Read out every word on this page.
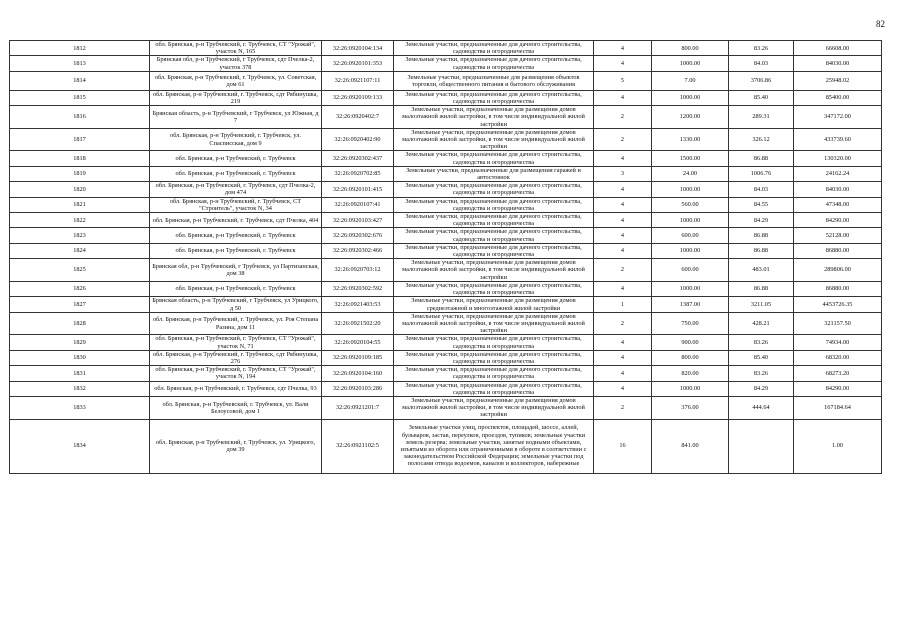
82
1812	обл. Брянская, р-н Трубчевский, г. Трубчевск, СТ "Урожай", участок N, 165	32:26:0920104:134	Земельные участки, предназначенные для дачного строительства, садоводства и огородничества	4	800.00	83.26	66608.00
1813	Брянская обл, р-н Трубчевский, г Трубчевск, сдт Пчелка-2, участок 378	32:26:0920101:353	Земельные участки, предназначенные для дачного строительства, садоводства и огородничества	4	1000.00	84.03	84030.00
1814	обл. Брянская, р-н Трубчевский, г. Трубчевск, ул. Советская, дом 61	32:26:0921107:11	Земельные участки, предназначенные для размещения объектов торговли, общественного питания и бытового обслуживания	5	7.00	3706.86	25948.02
1815	обл. Брянская, р-н Трубчевский, г. Трубчевск, сдт Рябинушка, 219	32:26:0920109:133	Земельные участки, предназначенные для дачного строительства, садоводства и огородничества	4	1000.00	85.40	85400.00
1816	Брянская область, р-н Трубчевский, г Трубчевск, ул Южная, д 7	32:26:0920402:7	Земельные участки, предназначенные для размещения домов малоэтажной жилой застройки, в том числе индивидуальной жилой застройки	2	1200.00	289.31	347172.00
1817	обл. Брянская, р-н Трубчевский, г. Трубчевск, ул. Спасписская, дом 9	32:26:0920402:90	Земельные участки, предназначенные для размещения домов малоэтажной жилой застройки, в том числе индивидуальной жилой застройки	2	1330.00	326.12	433739.60
1818	обл. Брянская, р-н Трубчевский, г. Трубчевск	32:26:0920302:437	Земельные участки, предназначенные для дачного строительства, садоводства и огородничества	4	1500.00	86.88	130320.00
1819	обл. Брянская, р-н Трубчевский, г. Трубчевск	32:26:0920702:85	Земельные участки, предназначенные для размещения гаражей и автостоянок	3	24.00	1006.76	24162.24
1820	обл. Брянская, р-н Трубчевский, г. Трубчевск, сдт Пчелка-2, дом 474	32:26:0920101:415	Земельные участки, предназначенные для дачного строительства, садоводства и огородничества	4	1000.00	84.03	84030.00
1821	обл. Брянская, р-н Трубчевский, г. Трубчевск, СТ "Строитель", участок N, 34	32:26:0920107:41	Земельные участки, предназначенные для дачного строительства, садоводства и огородничества	4	560.00	84.55	47348.00
1822	обл. Брянская, р-н Трубчевский, г. Трубчевск, сдт Пчелка, 404	32:26:0920103:427	Земельные участки, предназначенные для дачного строительства, садоводства и огородничества	4	1000.00	84.29	84290.00
1823	обл. Брянская, р-н Трубчевский, г. Трубчевск	32:26:0920302:676	Земельные участки, предназначенные для дачного строительства, садоводства и огородничества	4	600.00	86.88	52128.00
1824	обл. Брянская, р-н Трубчевский, г. Трубчевск	32:26:0920302:466	Земельные участки, предназначенные для дачного строительства, садоводства и огородничества	4	1000.00	86.88	86880.00
1825	Брянская обл, р-н Трубчевский, г Трубчевск, ул Партизанская, дом 38	32:26:0920703:12	Земельные участки, предназначенные для размещения домов малоэтажной жилой застройки, в том числе индивидуальной жилой застройки	2	600.00	483.01	289806.00
1826	обл. Брянская, р-н Трубчевский, г. Трубчевск	32:26:0920302:592	Земельные участки, предназначенные для дачного строительства, садоводства и огородничества	4	1000.00	86.88	86880.00
1827	Брянская область, р-н Трубчевский, г Трубчевск, ул Урицкого, д 50	32:26:0921403:53	Земельные участки, предназначенные для размещения домов среднеэтажной и многоэтажной жилой застройки	1	1387.00	3211.05	4453726.35
1828	обл. Брянская, р-н Трубчевский, г. Трубчевск, ул. Роя Степана Разина, дом 11	32:26:0921502:20	Земельные участки, предназначенные для размещения домов малоэтажной жилой застройки, в том числе индивидуальной жилой застройки	2	750.00	428.21	321157.50
1829	обл. Брянская, р-н Трубчевский, г. Трубчевск, СТ "Урожай", участок N, 71	32:26:0920104:55	Земельные участки, предназначенные для дачного строительства, садоводства и огородничества	4	900.00	83.26	74934.00
1830	обл. Брянская, р-н Трубчевский, г. Трубчевск, сдт Рябинушка, 276	32:26:0920109:185	Земельные участки, предназначенные для дачного строительства, садоводства и огородничества	4	800.00	85.40	68320.00
1831	обл. Брянская, р-н Трубчевский, г. Трубчевск, СТ "Урожай", участок N, 194	32:26:0920104:160	Земельные участки, предназначенные для дачного строительства, садоводства и огородничества	4	820.00	83.26	68273.20
1832	обл. Брянская, р-н Трубчевский, г. Трубчевск, сдт Пчелка, 93	32:26:0920103:286	Земельные участки, предназначенные для дачного строительства, садоводства и огородничества	4	1000.00	84.29	84290.00
1833	обл. Брянская, р-н Трубчевский, г. Трубчевск, ул. Вали Белоусовой, дом 1	32:26:0921201:7	Земельные участки, предназначенные для размещения домов малоэтажной жилой застройки, в том числе индивидуальной жилой застройки	2	376.00	444.64	167184.64
1834	обл. Брянская, р-н Трубчевский, г. Трубчевск, ул. Урицкого, дом 39	32:26:0921102:5	Земельные участки улиц, проспектов, площадей, шоссе, аллей, бульваров, застав, переулков, проездов, тупиков; земельные участки земель резерва; земельные участки, занятые водными объектами, изъятыми из оборота или ограниченными в обороте в соответствии с законодательством Российской Федерации; земельные участки под полосами отвода водоемов, каналов и коллекторов, набережные	16	841.00		1.00
